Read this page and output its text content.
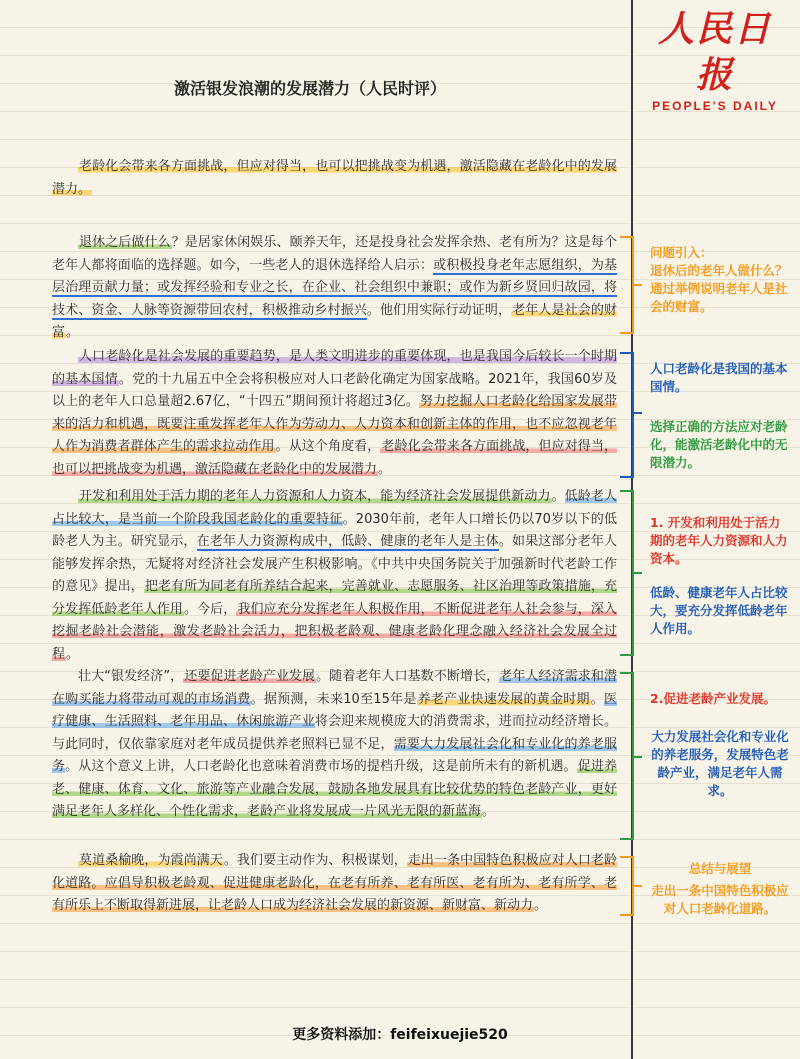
人民日报
PEOPLE'S DAILY
激活银发浪潮的发展潜力（人民时评）

老龄化会带来各方面挑战，但应对得当，也可以把挑战变为机遇，激活隐藏在老龄化中的发展潜力。

退休之后做什么？是居家休闲娱乐、颐养天年，还是投身社会发挥余热、老有所为？这是每个老年人都将面临的选择题。如今，一些老人的退休选择给人启示：或积极投身老年志愿组织，为基层治理贡献力量；或发挥经验和专业之长，在企业、社会组织中兼职；或作为新乡贤回归故园，将技术、资金、人脉等资源带回农村，积极推动乡村振兴。他们用实际行动证明，老年人是社会的财富。

人口老龄化是社会发展的重要趋势，是人类文明进步的重要体现，也是我国今后较长一个时期的基本国情。党的十九届五中全会将积极应对人口老龄化确定为国家战略。2021年，我国60岁及以上的老年人口总量超2.67亿，“十四五”期间预计将超过3亿。努力挖掘人口老龄化给国家发展带来的活力和机遇，既要注重发挥老年人作为劳动力、人力资本和创新主体的作用，也不应忽视老年人作为消费者群体产生的需求拉动作用。从这个角度看，老龄化会带来各方面挑战，但应对得当，也可以把挑战变为机遇，激活隐藏在老龄化中的发展潜力。

开发和利用处于活力期的老年人力资源和人力资本，能为经济社会发展提供新动力。低龄老人占比较大，是当前一个阶段我国老龄化的重要特征。2030年前，老年人口增长仍以70岁以下的低龄老人为主。研究显示，在老年人力资源构成中，低龄、健康的老年人是主体。如果这部分老年人能够发挥余热，无疑将对经济社会发展产生积极影响。《中共中央国务院关于加强新时代老龄工作的意见》提出，把老有所为同老有所养结合起来，完善就业、志愿服务、社区治理等政策措施，充分发挥低龄老年人作用。今后，我们应充分发挥老年人积极作用，不断促进老年人社会参与，深入挖掘老龄社会潜能，激发老龄社会活力，把积极老龄观、健康老龄化理念融入经济社会发展全过程。

壮大“银发经济”，还要促进老龄产业发展。随着老年人口基数不断增长，老年人经济需求和潜在购买能力将带动可观的市场消费。据预测，未来10至15年是养老产业快速发展的黄金时期。医疗健康、生活照料、老年用品、休闲旅游产业将会迎来规模庞大的消费需求，进而拉动经济增长。与此同时，仅依靠家庭对老年成员提供养老照料已显不足，需要大力发展社会化和专业化的养老服务。从这个意义上讲，人口老龄化也意味着消费市场的提档升级，这是前所未有的新机遇。促进养老、健康、体育、文化、旅游等产业融合发展，鼓励各地发展具有比较优势的特色老龄产业，更好满足老年人多样化、个性化需求，老龄产业将发展成一片风光无限的新蓝海。

莫道桑榆晚，为霞尚满天。我们要主动作为、积极谋划，走出一条中国特色积极应对人口老龄化道路。应倡导积极老龄观、促进健康老龄化，在老有所养、老有所医、老有所为、老有所学、老有所乐上不断取得新进展，让老龄人口成为经济社会发展的新资源、新财富、新动力。

问题引入：
退休后的老年人做什么？
通过举例说明老年人是社会的财富。
人口老龄化是我国的基本国情。
选择正确的方法应对老龄化，能激活老龄化中的无限潜力。
1. 开发和利用处于活力期的老年人力资源和人力资本。
低龄、健康老年人占比较大，要充分发挥低龄老年人作用。
2.促进老龄产业发展。
大力发展社会化和专业化的养老服务，发展特色老龄产业，满足老年人需求。
总结与展望
走出一条中国特色积极应对人口老龄化道路。
更多资料添加：feifeixuejie520
